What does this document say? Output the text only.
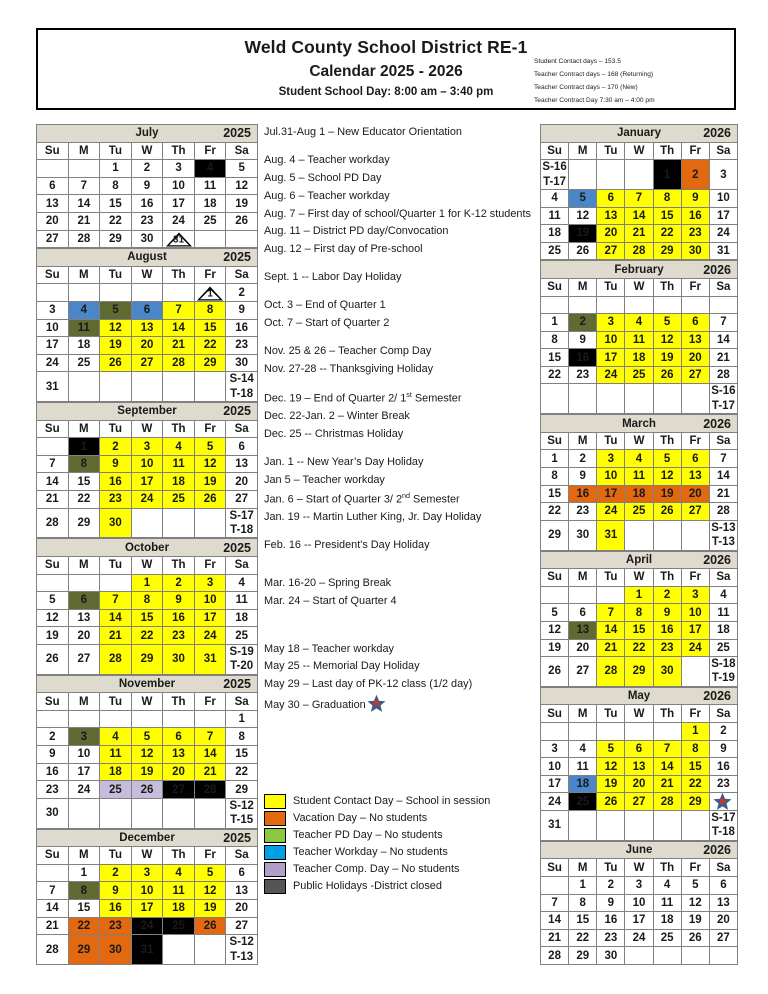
Weld County School District RE-1
Calendar 2025 - 2026
Student School Day: 8:00 am – 3:40 pm
Student Contact days – 153.5
Teacher Contract days – 168 (Returning)
Teacher Contract days – 170 (New)
Teacher Contract Day 7:30 am – 4:00 pm
July 2025						

Su	M	Tu	W	Th	Fr	Sa
		1	2	3	4	5
6	7	8	9	10	11	12
13	14	15	16	17	18	19
20	21	22	23	24	25	26
27	28	29	30	31		

August 2025						

Su	M	Tu	W	Th	Fr	Sa

					1	2
3	4	5	6	7	8	9
10	11	12	13	14	15	16
17	18	19	20	21	22	23
24	25	26	27	28	29	30
31						S-14
T-18
September 2025						

Su	M	Tu	W	Th	Fr	Sa
	1	2	3	4	5	6
7	8	9	10	11	12	13
14	15	16	17	18	19	20
21	22	23	24	25	26	27
28	29	30				S-17
T-18
October 2025						

Su	M	Tu	W	Th	Fr	Sa
			1	2	3	4
5	6	7	8	9	10	11
12	13	14	15	16	17	18
19	20	21	22	23	24	25
26	27	28	29	30	31	S-19
T-20
November 2025						

Su	M	Tu	W	Th	Fr	Sa
						1
2	3	4	5	6	7	8
9	10	11	12	13	14	15
16	17	18	19	20	21	22
23	24	25	26	27	28	29
30						S-12
T-15
December 2025						

Su	M	Tu	W	Th	Fr	Sa
	1	2	3	4	5	6
7	8	9	10	11	12	13
14	15	16	17	18	19	20
21	22	23	24	25	26	27
28	29	30	31			S-12
T-13
Jul.31-Aug 1 – New Educator Orientation
Aug. 4 – Teacher workday
Aug. 5 – School PD Day
Aug. 6 – Teacher workday
Aug. 7 – First day of school/Quarter 1 for K-12 students
Aug. 11 – District PD day/Convocation
Aug. 12 – First day of Pre-school
Sept. 1 -- Labor Day Holiday
Oct. 3 – End of Quarter 1
Oct. 7 – Start of Quarter 2
Nov. 25 & 26 – Teacher Comp Day
Nov. 27-28 -- Thanksgiving Holiday
Dec. 19 – End of Quarter 2/ 1st Semester
Dec. 22-Jan. 2 – Winter Break
Dec. 25 -- Christmas Holiday
Jan. 1 -- New Year’s Day Holiday
Jan 5 – Teacher workday
Jan. 6 – Start of Quarter 3/ 2nd Semester
Jan. 19 -- Martin Luther King, Jr. Day Holiday
Feb. 16 -- President's Day Holiday
Mar. 16-20 – Spring Break
Mar. 24 – Start of Quarter 4
May 18 – Teacher workday
May 25 -- Memorial Day Holiday
May 29 – Last day of PK-12 class (1/2 day)
May 30 – Graduation
January 2026						

Su	M	Tu	W	Th	Fr	Sa

S-16
T-17				1	2	3
4	5	6	7	8	9	10
11	12	13	14	15	16	17
18	19	20	21	22	23	24
25	26	27	28	29	30	31
February 2026						

Su	M	Tu	W	Th	Fr	Sa

1	2	3	4	5	6	7
8	9	10	11	12	13	14
15	16	17	18	19	20	21
22	23	24	25	26	27	28

						S-16
T-17
March 2026						

Su	M	Tu	W	Th	Fr	Sa
1	2	3	4	5	6	7
8	9	10	11	12	13	14
15	16	17	18	19	20	21
22	23	24	25	26	27	28
29	30	31				S-13
T-13
April 2026						

Su	M	Tu	W	Th	Fr	Sa
			1	2	3	4
5	6	7	8	9	10	11
12	13	14	15	16	17	18
19	20	21	22	23	24	25
26	27	28	29	30		S-18
T-19
May 2026						

Su	M	Tu	W	Th	Fr	Sa
					1	2
3	4	5	6	7	8	9
10	11	12	13	14	15	16
17	18	19	20	21	22	23
24	25	26	27	28	29	

31						S-17
T-18
June 2026						

Su	M	Tu	W	Th	Fr	Sa
	1	2	3	4	5	6
7	8	9	10	11	12	13
14	15	16	17	18	19	20
21	22	23	24	25	26	27
28	29	30				
Student Contact Day – School in session
Vacation Day – No students
Teacher PD Day – No students
Teacher Workday – No students
Teacher Comp. Day – No students
Public Holidays -District closed
